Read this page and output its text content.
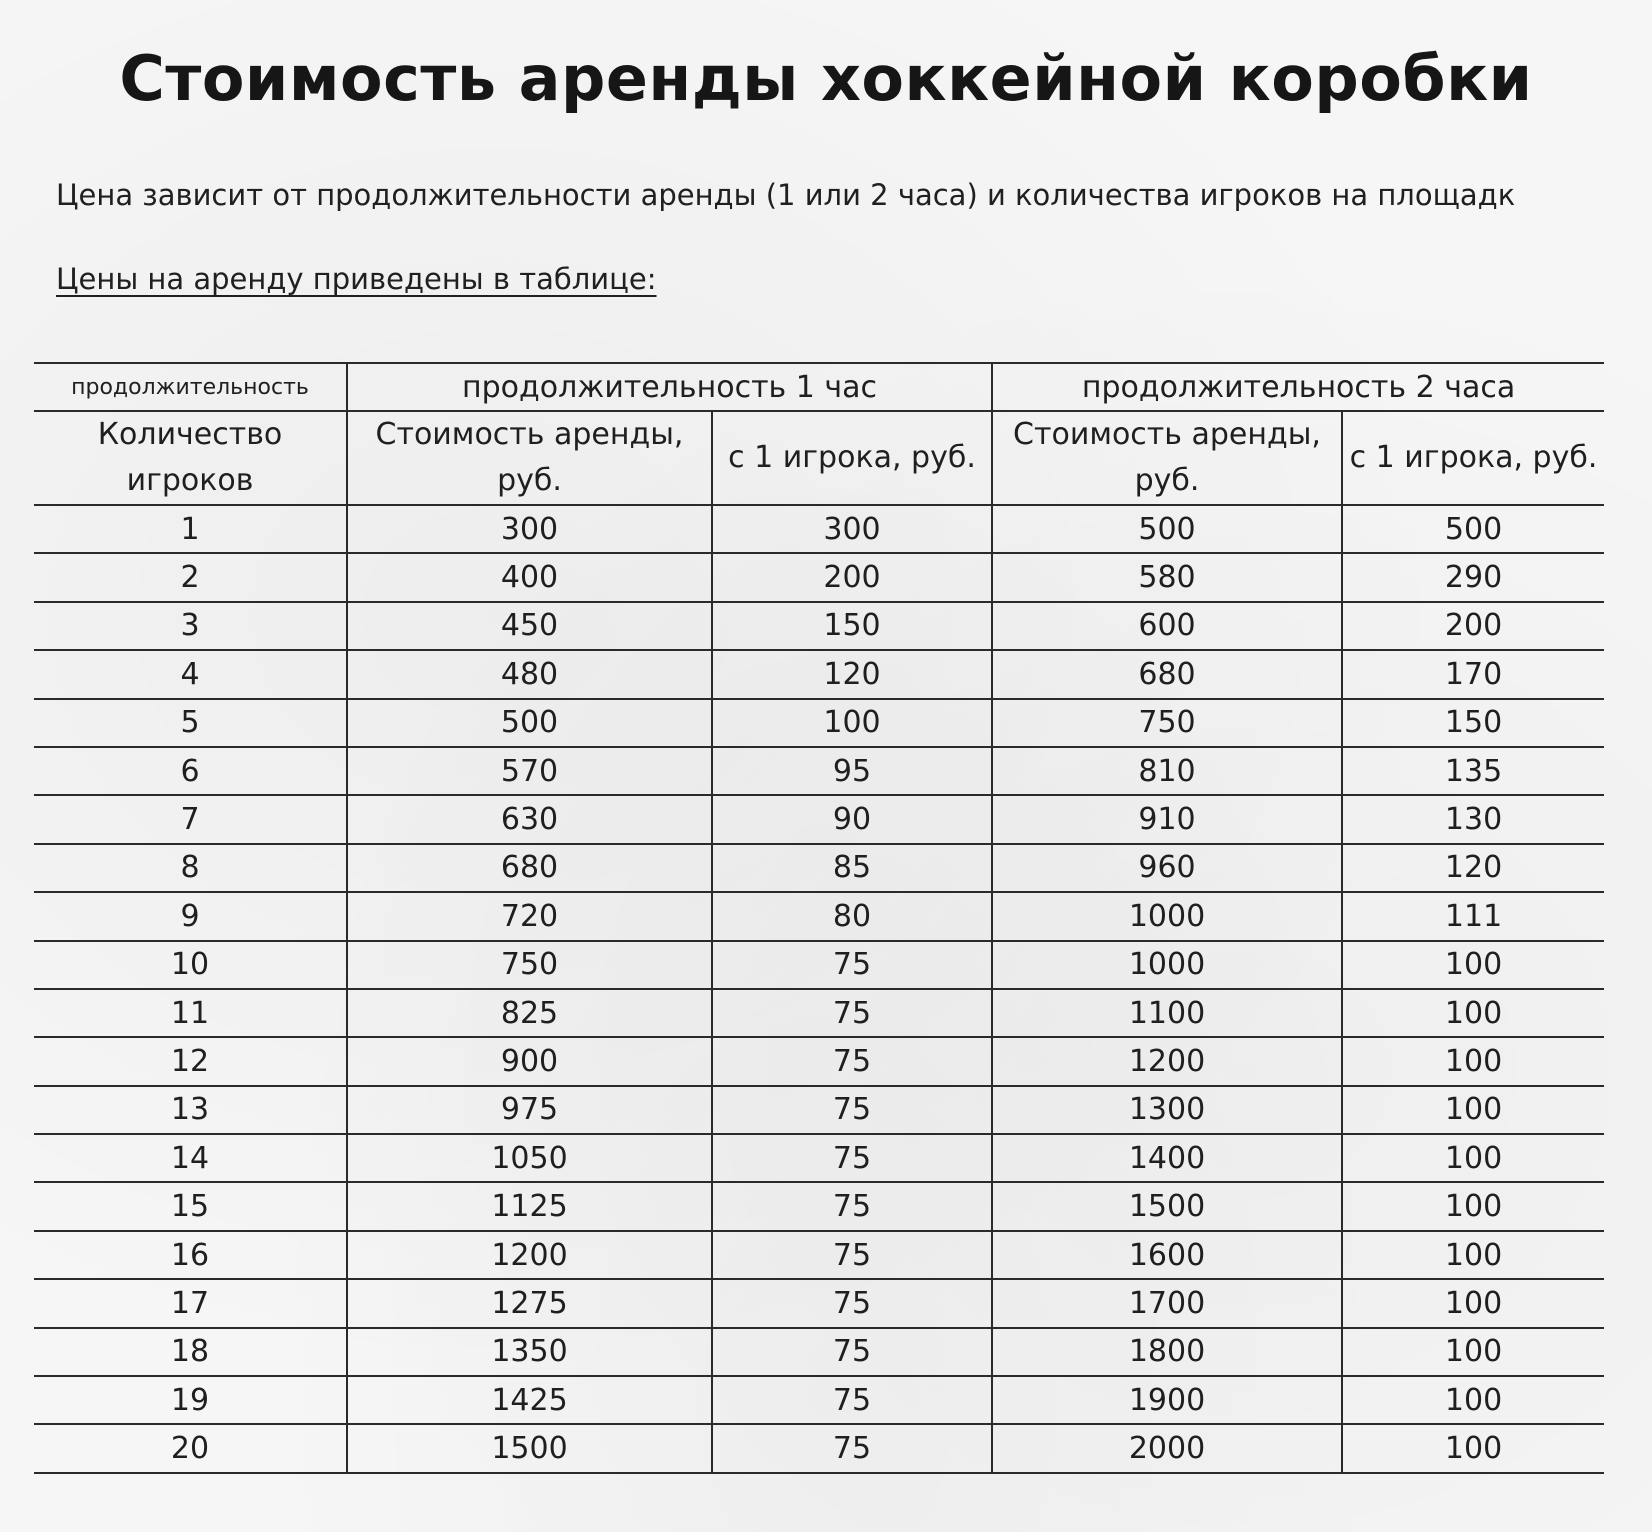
Стоимость аренды хоккейной коробки
Цена зависит от продолжительности аренды (1 или 2 часа) и количества игроков на площадк
Цены на аренду приведены в таблице:
продолжительность	продолжительность 1 час		продолжительность 2 часа	
Количество игроков	Стоимость аренды, руб.	с 1 игрока, руб.	Стоимость аренды, руб.	с 1 игрока, руб.
1	300	300	500	500
2	400	200	580	290
3	450	150	600	200
4	480	120	680	170
5	500	100	750	150
6	570	95	810	135
7	630	90	910	130
8	680	85	960	120
9	720	80	1000	111
10	750	75	1000	100
11	825	75	1100	100
12	900	75	1200	100
13	975	75	1300	100
14	1050	75	1400	100
15	1125	75	1500	100
16	1200	75	1600	100
17	1275	75	1700	100
18	1350	75	1800	100
19	1425	75	1900	100
20	1500	75	2000	100
